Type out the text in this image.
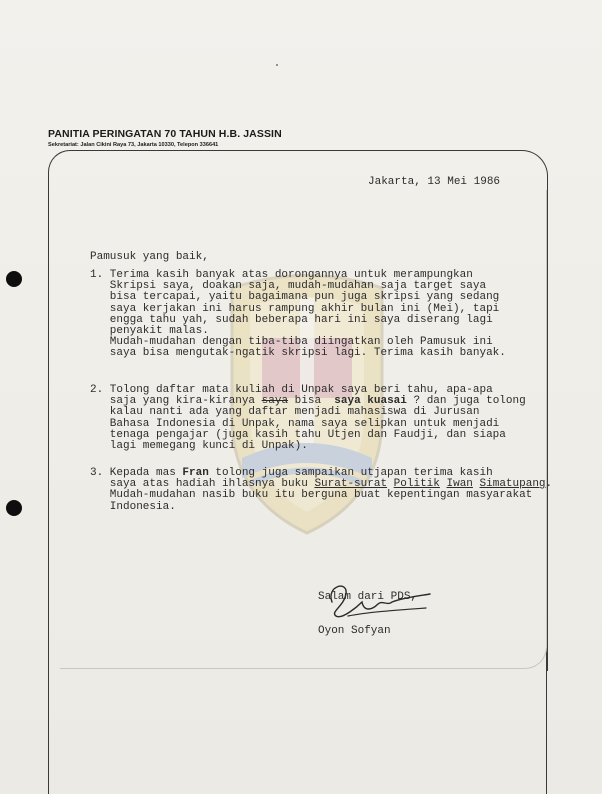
PANITIA PERINGATAN 70 TAHUN H.B. JASSIN
Sekretariat: Jalan Cikini Raya 73, Jakarta 10330, Telepon 336641
Jakarta, 13 Mei 1986
Pamusuk yang baik,
1. Terima kasih banyak atas dorongannya untuk merampungkan
Skripsi saya, doakan saja, mudah-mudahan saja target saya
bisa tercapai, yaitu bagaimana pun juga skripsi yang sedang
saya kerjakan ini harus rampung akhir bulan ini (Mei), tapi
engga tahu yah, sudah beberapa hari ini saya diserang lagi
penyakit malas.
Mudah-mudahan dengan tiba-tiba diingatkan oleh Pamusuk ini
saya bisa mengutak-ngatik skripsi lagi. Terima kasih banyak.
2. Tolong daftar mata kuliah di Unpak saya beri tahu, apa-apa
saja yang kira-kiranya saya bisa  saya kuasai ? dan juga tolong
kalau nanti ada yang daftar menjadi mahasiswa di Jurusan
Bahasa Indonesia di Unpak, nama saya selipkan untuk menjadi
tenaga pengajar (juga kasih tahu Utjen dan Faudji, dan siapa
lagi memegang kunci di Unpak).
3. Kepada mas Fran tolong juga sampaikan utjapan terima kasih
saya atas hadiah ihlasnya buku Surat-surat Politik Iwan Simatupang.
Mudah-mudahan nasib buku itu berguna buat kepentingan masyarakat
Indonesia.
Salam dari PDS,
Oyon Sofyan
